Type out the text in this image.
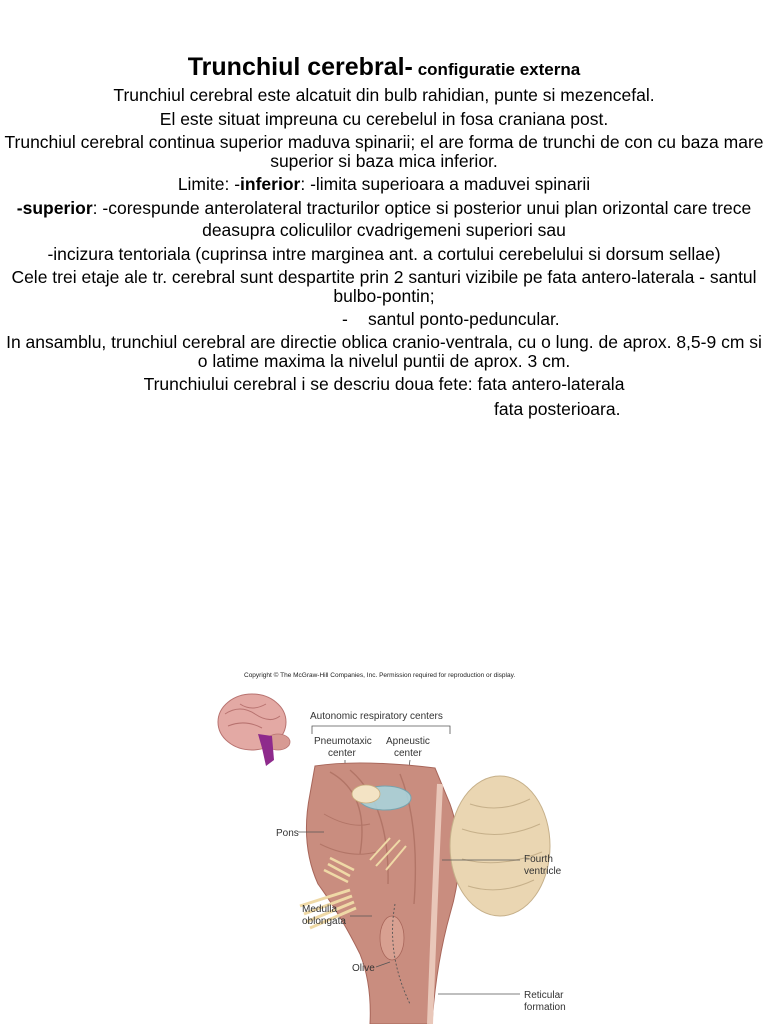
Trunchiul cerebral- configuratie externa
Trunchiul cerebral este alcatuit din bulb rahidian, punte si mezencefal.
El este situat impreuna cu cerebelul in fosa craniana post.
Trunchiul cerebral continua superior maduva spinarii; el are forma de trunchi de con cu baza mare superior si baza mica inferior.
Limite: -inferior: -limita superioara a maduvei spinarii
-superior: -corespunde anterolateral tracturilor optice si posterior unui plan orizontal care trece deasupra coliculilor cvadrigemeni superiori sau
-incizura tentoriala (cuprinsa intre marginea ant. a cortului cerebelului si dorsum sellae)
Cele trei etaje ale tr. cerebral sunt despartite prin 2 santuri vizibile pe fata antero-laterala - santul bulbo-pontin;
- santul ponto-peduncular.
In ansamblu, trunchiul cerebral are directie oblica cranio-ventrala, cu o lung. de aprox. 8,5-9 cm si o latime maxima la nivelul puntii de aprox. 3 cm.
Trunchiului cerebral i se descriu doua fete: fata antero-laterala
fata posterioara.
Copyright © The McGraw-Hill Companies, Inc. Permission required for reproduction or display.
Autonomic respiratory centers
Pneumotaxic
center
Apneustic
center
Pons
Medulla
oblongata
Olive
Fourth
ventricle
Reticular
formation
